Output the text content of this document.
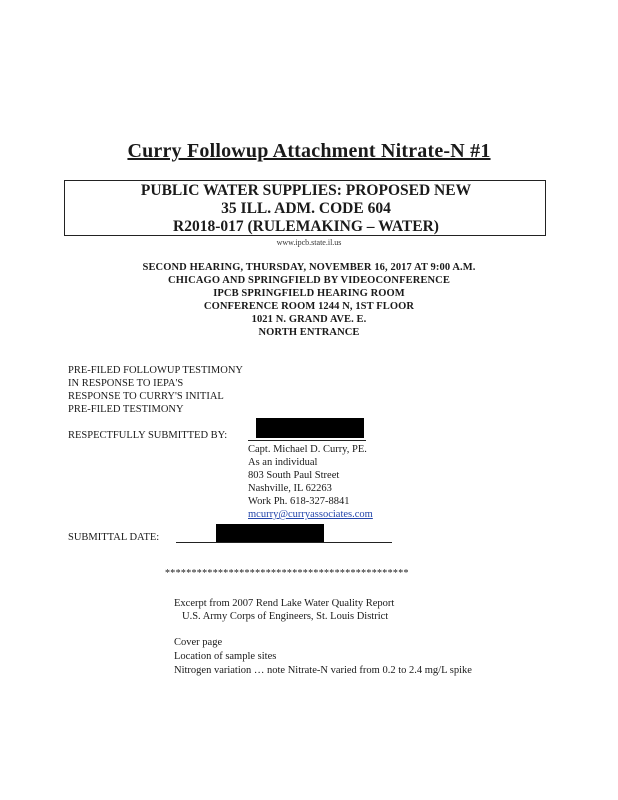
Curry Followup Attachment Nitrate-N #1
PUBLIC WATER SUPPLIES: PROPOSED NEW
35 ILL. ADM. CODE 604
R2018-017 (RULEMAKING – WATER)
www.ipcb.state.il.us
SECOND HEARING, THURSDAY, NOVEMBER 16, 2017 AT 9:00 A.M.
CHICAGO AND SPRINGFIELD BY VIDEOCONFERENCE
IPCB SPRINGFIELD HEARING ROOM
CONFERENCE ROOM 1244 N, 1ST FLOOR
1021 N. GRAND AVE. E.
NORTH ENTRANCE
PRE-FILED FOLLOWUP TESTIMONY
IN RESPONSE TO IEPA'S
RESPONSE TO CURRY'S INITIAL
PRE-FILED TESTIMONY
RESPECTFULLY SUBMITTED BY:
Capt. Michael D. Curry, PE.
As an individual
803 South Paul Street
Nashville, IL 62263
Work Ph. 618-327-8841
mcurry@curryassociates.com
SUBMITTAL DATE:
**********************************************
Excerpt from 2007 Rend Lake Water Quality Report
U.S. Army Corps of Engineers, St. Louis District
Cover page
Location of sample sites
Nitrogen variation … note Nitrate-N varied from 0.2 to 2.4 mg/L spike
